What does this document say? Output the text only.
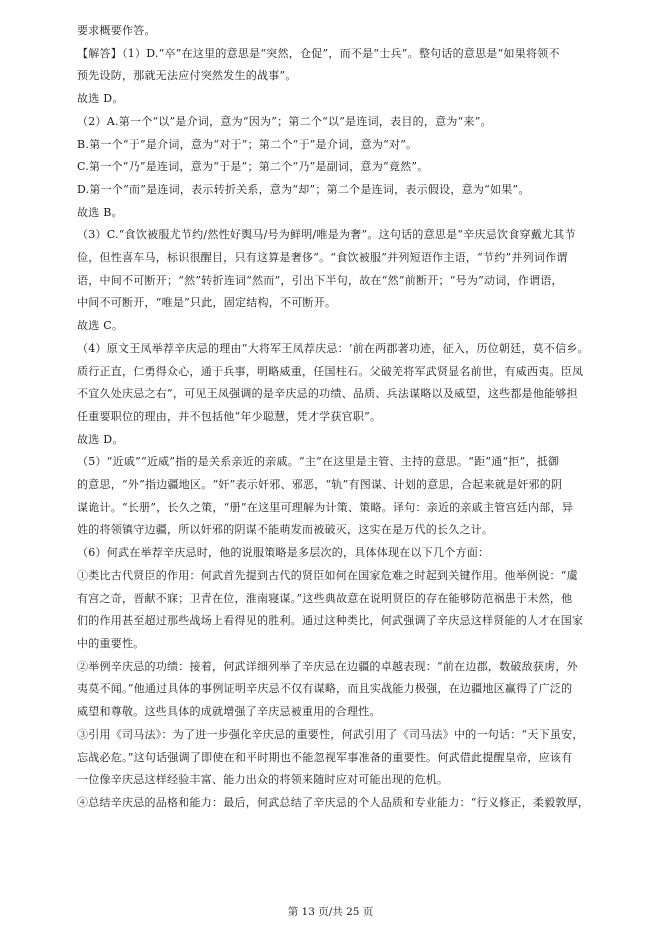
要求概要作答。
【解答】（1）D.“卒”在这里的意思是“突然，仓促”，而不是“士兵”。整句话的意思是“如果将领不
预先设防，那就无法应付突然发生的战事”。
故选 D。
（2）A.第一个“以”是介词，意为“因为”；第二个“以”是连词，表目的，意为“来”。
B.第一个“于”是介词，意为“对于”；第二个“于”是介词，意为“对”。
C.第一个“乃”是连词，意为“于是”；第二个“乃”是副词，意为“竟然”。
D.第一个“而”是连词，表示转折关系，意为“却”；第二个是连词，表示假设，意为“如果”。
故选 B。
（3）C.“食饮被服尤节约/然性好舆马/号为鲜明/唯是为奢”。这句话的意思是“辛庆忌饮食穿戴尤其节
俭，但性喜车马，标识很醒目，只有这算是奢侈”。“食饮被服”并列短语作主语，“节约”并列词作谓
语，中间不可断开；“然”转折连词“然而”，引出下半句，故在“然”前断开；“号为”动词，作谓语，
中间不可断开，“唯是”只此，固定结构，不可断开。
故选 C。
（4）原文王凤举荐辛庆忌的理由“大将军王凤荐庆忌：‘前在两郡著功迹，征入，历位朝廷，莫不信乡。
质行正直，仁勇得众心，通于兵事，明略威重，任国柱石。父破羌将军武贤显名前世，有威西夷。臣凤
不宜久处庆忌之右”，可见王凤强调的是辛庆忌的功绩、品质、兵法谋略以及威望，这些都是他能够担
任重要职位的理由，并不包括他“年少聪慧，凭才学获官职”。
故选 D。
（5）“近戚”“近威”指的是关系亲近的亲戚。“主”在这里是主管、主持的意思。“距”通“拒”，抵御
的意思，“外”指边疆地区。“奸”表示奸邪、邪恶，“轨”有图谋、计划的意思，合起来就是奸邪的阴
谋诡计。“长册”，长久之策，“册”在这里可理解为计策、策略。译句：亲近的亲戚主管宫廷内部，异
姓的将领镇守边疆，所以奸邪的阴谋不能萌发而被破灭，这实在是万代的长久之计。
（6）何武在举荐辛庆忌时，他的说服策略是多层次的，具体体现在以下几个方面：
①类比古代贤臣的作用：何武首先提到古代的贤臣如何在国家危难之时起到关键作用。他举例说：“虞
有宫之奇，晋献不寐；卫青在位，淮南寝谋。”这些典故意在说明贤臣的存在能够防范祸患于未然，他
们的作用甚至超过那些战场上看得见的胜利。通过这种类比，何武强调了辛庆忌这样贤能的人才在国家
中的重要性。
②举例辛庆忌的功绩：接着，何武详细列举了辛庆忌在边疆的卓越表现：“前在边郡，数破敌获虏，外
夷莫不闻。”他通过具体的事例证明辛庆忌不仅有谋略，而且实战能力极强，在边疆地区赢得了广泛的
威望和尊敬。这些具体的成就增强了辛庆忌被重用的合理性。
③引用《司马法》：为了进一步强化辛庆忌的重要性，何武引用了《司马法》中的一句话：“天下虽安，
忘战必危。”这句话强调了即使在和平时期也不能忽视军事准备的重要性。何武借此提醒皇帝，应该有
一位像辛庆忌这样经验丰富、能力出众的将领来随时应对可能出现的危机。
④总结辛庆忌的品格和能力：最后，何武总结了辛庆忌的个人品质和专业能力：“行义修正，柔毅敦厚，
第 13 页/共 25 页
